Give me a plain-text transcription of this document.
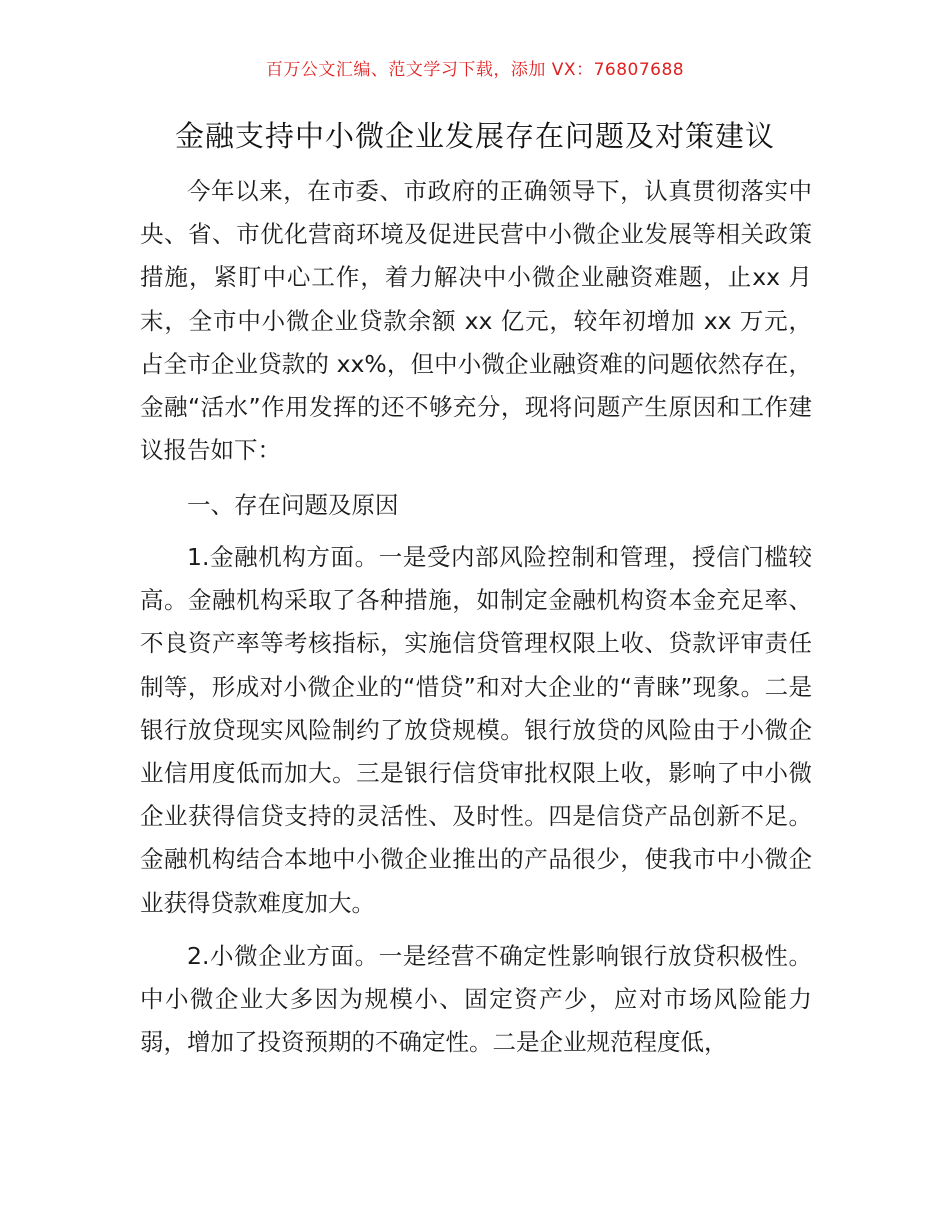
百万公文汇编、范文学习下载，添加 VX：76807688
金融支持中小微企业发展存在问题及对策建议

今年以来，在市委、市政府的正确领导下，认真贯彻落实中央、省、市优化营商环境及促进民营中小微企业发展等相关政策措施，紧盯中心工作，着力解决中小微企业融资难题，止xx 月末，全市中小微企业贷款余额 xx 亿元，较年初增加 xx 万元，占全市企业贷款的 xx%，但中小微企业融资难的问题依然存在，金融“活水”作用发挥的还不够充分，现将问题产生原因和工作建议报告如下：

一、存在问题及原因

1.金融机构方面。一是受内部风险控制和管理，授信门槛较高。金融机构采取了各种措施，如制定金融机构资本金充足率、不良资产率等考核指标，实施信贷管理权限上收、贷款评审责任制等，形成对小微企业的“惜贷”和对大企业的“青睐”现象。二是银行放贷现实风险制约了放贷规模。银行放贷的风险由于小微企业信用度低而加大。三是银行信贷审批权限上收，影响了中小微企业获得信贷支持的灵活性、及时性。四是信贷产品创新不足。金融机构结合本地中小微企业推出的产品很少，使我市中小微企业获得贷款难度加大。

2.小微企业方面。一是经营不确定性影响银行放贷积极性。中小微企业大多因为规模小、固定资产少，应对市场风险能力弱，增加了投资预期的不确定性。二是企业规范程度低，
